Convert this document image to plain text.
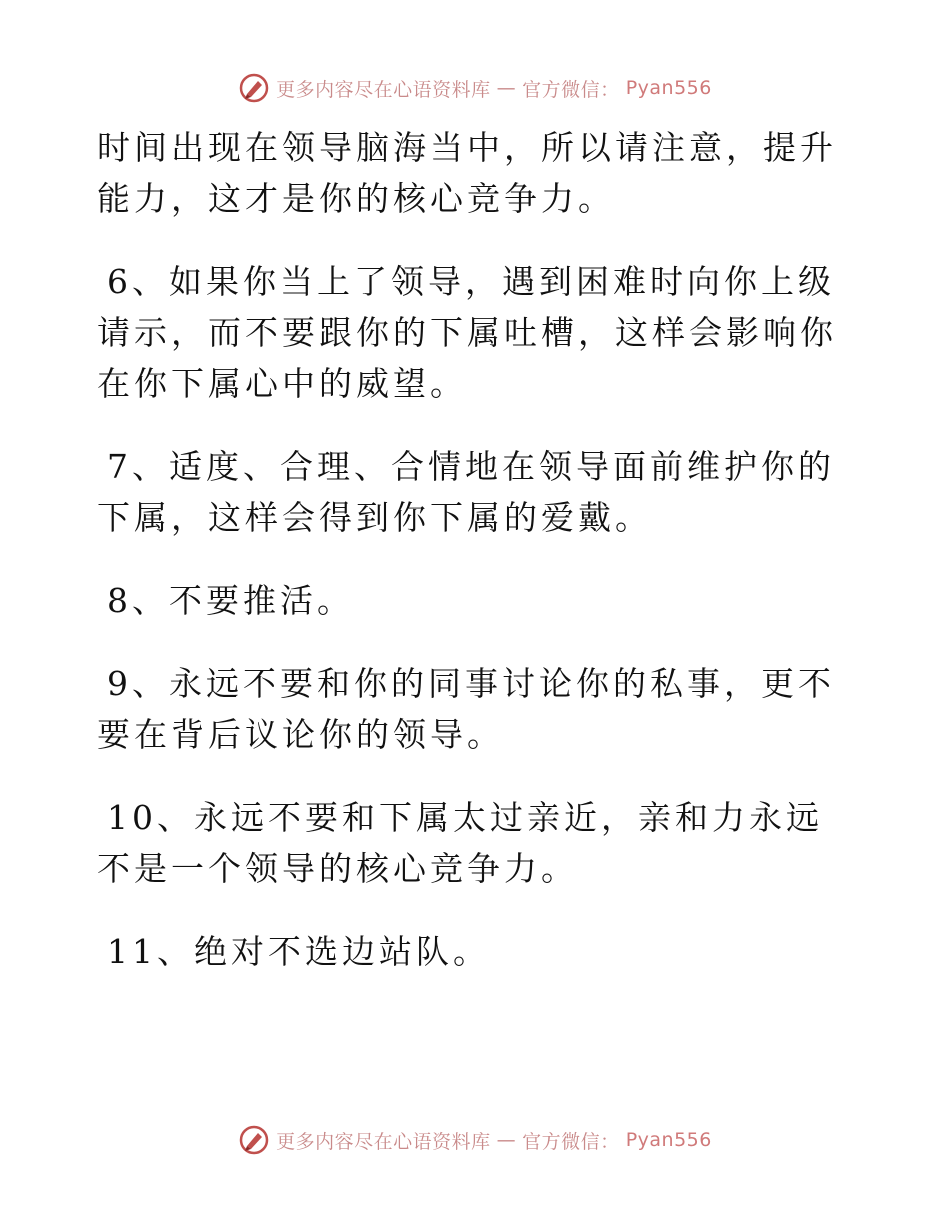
更多内容尽在心语资料库 — 官方微信： Pyan556

时间出现在领导脑海当中，所以请注意，提升能力，这才是你的核心竞争力。

6、如果你当上了领导，遇到困难时向你上级请示，而不要跟你的下属吐槽，这样会影响你在你下属心中的威望。

7、适度、合理、合情地在领导面前维护你的下属，这样会得到你下属的爱戴。

8、不要推活。

9、永远不要和你的同事讨论你的私事，更不要在背后议论你的领导。

10、永远不要和下属太过亲近，亲和力永远不是一个领导的核心竞争力。

11、绝对不选边站队。

更多内容尽在心语资料库 — 官方微信： Pyan556
